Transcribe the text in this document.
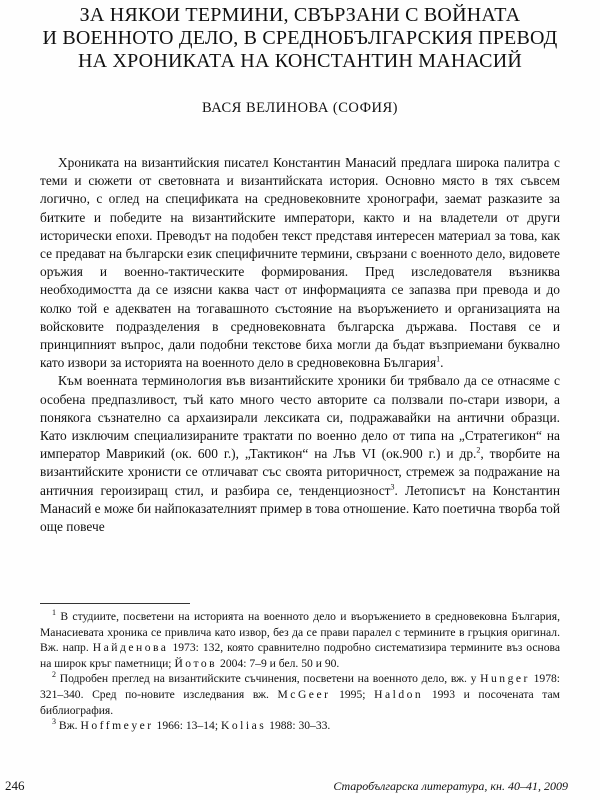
ЗА НЯКОИ ТЕРМИНИ, СВЪРЗАНИ С ВОЙНАТА
И ВОЕННОТО ДЕЛО, В СРЕДНОБЪЛГАРСКИЯ ПРЕВОД
НА ХРОНИКАТА НА КОНСТАНТИН МАНАСИЙ
ВАСЯ ВЕЛИНОВА (СОФИЯ)

Хрониката на византийския писател Константин Манасий предлага широка палитра с теми и сюжети от световната и византийската история. Основно място в тях съвсем логично, с оглед на спецификата на средновековните хронографи, заемат разказите за битките и победите на византийските императори, както и на владетели от други исторически епохи. Преводът на подобен текст представя интересен материал за това, как се предават на български език специфичните термини, свързани с военното дело, видовете оръжия и военно-тактическите формирования. Пред изследователя възниква необходимостта да се изясни каква част от информацията се запазва при превода и до колко той е адекватен на тогавашното състояние на въоръжението и организацията на войсковите подразделения в средновековната българска държава. Поставя се и принципният въпрос, дали подобни текстове биха могли да бъдат възприемани буквално като извори за историята на военното дело в средновековна България$^1$.

Към военната терминология във византийските хроники би трябвало да се отнасяме с особена предпазливост, тъй като много често авторите са ползвали по-стари извори, а понякога съзнателно са архаизирали лексиката си, подражавайки на антични образци. Като изключим специализираните трактати по военно дело от типа на „Стратегикон“ на император Маврикий (ок. 600 г.), „Тактикон“ на Лъв VI (ок.900 г.) и др.$^2$, творбите на византийските хронисти се отличават със своята риторичност, стремеж за подражание на античния героизиращ стил, и разбира се, тенденциозност$^3$. Летописът на Константин Манасий е може би найпоказателният пример в това отношение. Като поетична творба той още повече

$^1$ В студиите, посветени на историята на военното дело и въоръжението в средновековна България, Манасиевата хроника се привлича като извор, без да се прави паралел с термините в гръцкия оригинал. Вж. напр. Найденова 1973: 132, която сравнително подробно систематизира термините въз основа на широк кръг паметници; Йотов 2004: 7–9 и бел. 50 и 90.

$^2$ Подробен преглед на византийските съчинения, посветени на военното дело, вж. у Hunger 1978: 321–340. Сред по-новите изследвания вж. McGeer 1995; Haldon 1993 и посочената там библиография.

$^3$ Вж. Hoffmeyer 1966: 13–14; Kolias 1988: 30–33.

246	Старобългарска литература, кн. 40–41, 2009
